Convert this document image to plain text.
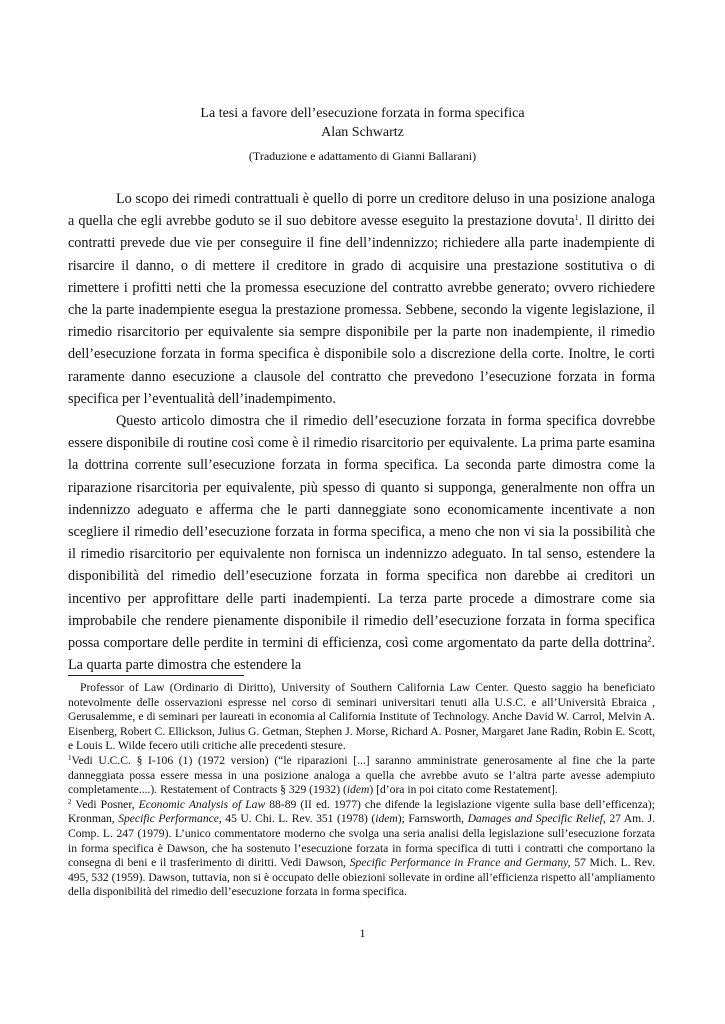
La tesi a favore dell’esecuzione forzata in forma specifica
Alan Schwartz
(Traduzione e adattamento di Gianni Ballarani)

Lo scopo dei rimedi contrattuali è quello di porre un creditore deluso in una posizione analoga a quella che egli avrebbe goduto se il suo debitore avesse eseguito la prestazione dovuta$^1$. Il diritto dei contratti prevede due vie per conseguire il fine dell’indennizzo; richiedere alla parte inadempiente di risarcire il danno, o di mettere il creditore in grado di acquisire una prestazione sostitutiva o di rimettere i profitti netti che la promessa esecuzione del contratto avrebbe generato; ovvero richiedere che la parte inadempiente esegua la prestazione promessa. Sebbene, secondo la vigente legislazione, il rimedio risarcitorio per equivalente sia sempre disponibile per la parte non inadempiente, il rimedio dell’esecuzione forzata in forma specifica è disponibile solo a discrezione della corte. Inoltre, le corti raramente danno esecuzione a clausole del contratto che prevedono l’esecuzione forzata in forma specifica per l’eventualità dell’inadempimento.

Questo articolo dimostra che il rimedio dell’esecuzione forzata in forma specifica dovrebbe essere disponibile di routine così come è il rimedio risarcitorio per equivalente. La prima parte esamina la dottrina corrente sull’esecuzione forzata in forma specifica. La seconda parte dimostra come la riparazione risarcitoria per equivalente, più spesso di quanto si supponga, generalmente non offra un indennizzo adeguato e afferma che le parti danneggiate sono economicamente incentivate a non scegliere il rimedio dell’esecuzione forzata in forma specifica, a meno che non vi sia la possibilità che il rimedio risarcitorio per equivalente non fornisca un indennizzo adeguato. In tal senso, estendere la disponibilità del rimedio dell’esecuzione forzata in forma specifica non darebbe ai creditori un incentivo per approfittare delle parti inadempienti. La terza parte procede a dimostrare come sia improbabile che rendere pienamente disponibile il rimedio dell’esecuzione forzata in forma specifica possa comportare delle perdite in termini di efficienza, così come argomentato da parte della dottrina$^2$. La quarta parte dimostra che estendere la

Professor of Law (Ordinario di Diritto), University of Southern California Law Center. Questo saggio ha beneficiato notevolmente delle osservazioni espresse nel corso di seminari universitari tenuti alla U.S.C. e all’Università Ebraica , Gerusalemme, e di seminari per laureati in economia al California Institute of Technology. Anche David W. Carrol, Melvin A. Eisenberg, Robert C. Ellickson, Julius G. Getman, Stephen J. Morse, Richard A. Posner, Margaret Jane Radin, Robin E. Scott, e Louis L. Wilde fecero utili critiche alle precedenti stesure.

$^1$Vedi U.C.C. § I-106 (1) (1972 version) (“le riparazioni [...] saranno amministrate generosamente al fine che la parte danneggiata possa essere messa in una posizione analoga a quella che avrebbe avuto se l’altra parte avesse adempiuto completamente....). Restatement of Contracts § 329 (1932) (idem) [d’ora in poi citato come Restatement].

$^2$ Vedi Posner, Economic Analysis of Law 88-89 (II ed. 1977) che difende la legislazione vigente sulla base dell’efficenza); Kronman, Specific Performance, 45 U. Chi. L. Rev. 351 (1978) (idem); Farnsworth, Damages and Specific Relief, 27 Am. J. Comp. L. 247 (1979). L’unico commentatore moderno che svolga una seria analisi della legislazione sull’esecuzione forzata in forma specifica è Dawson, che ha sostenuto l’esecuzione forzata in forma specifica di tutti i contratti che comportano la consegna di beni e il trasferimento di diritti. Vedi Dawson, Specific Performance in France and Germany, 57 Mich. L. Rev. 495, 532 (1959). Dawson, tuttavia, non si è occupato delle obiezioni sollevate in ordine all’efficienza rispetto all’ampliamento della disponibilità del rimedio dell’esecuzione forzata in forma specifica.

1
